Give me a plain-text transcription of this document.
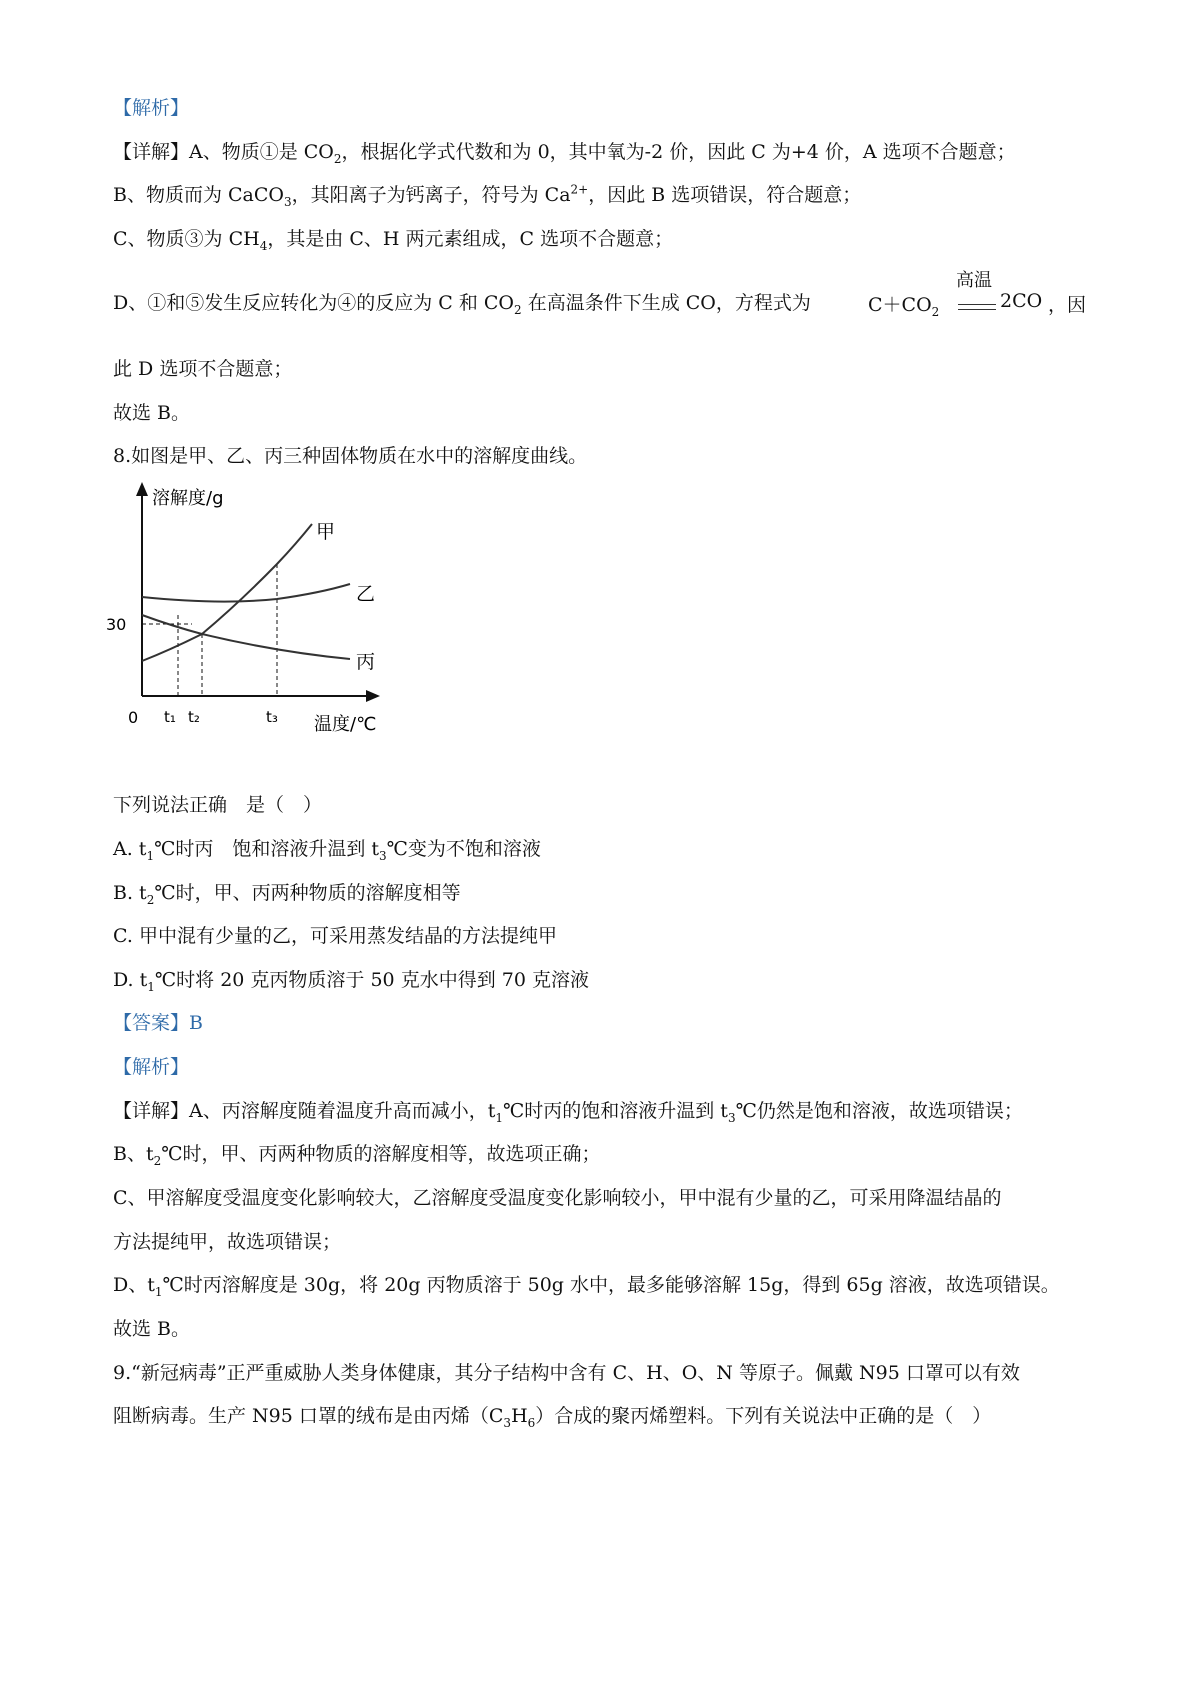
【解析】
【详解】A、物质①是 $CO_2$，根据化学式代数和为 0，其中氧为-2 价，因此 C 为+4 价，A 选项不合题意；
B、物质而为 CaCO$_3$，其阳离子为钙离子，符号为 $Ca^{2+}$，因此 B 选项错误，符合题意；
C、物质③为 $CH_4$，其是由 C、H 两元素组成，C 选项不合题意；
D、①和⑤发生反应转化为④的反应为 C 和 $CO_2$ 在高温条件下生成 CO，方程式为	$C+CO_2$
高温
2CO ，因
此 D 选项不合题意；
故选 B。
8.如图是甲、乙、丙三种固体物质在水中的溶解度曲线。
溶解度/g
温度/℃
0
30
t₁ t₂	t₃
甲
乙
丙
下列说法正确　是（　）
A. $t_1℃$时丙　饱和溶液升温到 $t_3℃$变为不饱和溶液
B. $t_2℃$时，甲、丙两种物质的溶解度相等
C. 甲中混有少量的乙，可采用蒸发结晶的方法提纯甲
D. $t_1℃$时将 20 克丙物质溶于 50 克水中得到 70 克溶液
【答案】B
【解析】
【详解】A、丙溶解度随着温度升高而减小，$t_1℃$时丙的饱和溶液升温到 $t_3℃$仍然是饱和溶液，故选项错误；
B、$t_2℃$时，甲、丙两种物质的溶解度相等，故选项正确；
C、甲溶解度受温度变化影响较大，乙溶解度受温度变化影响较小，甲中混有少量的乙，可采用降温结晶的
方法提纯甲，故选项错误；
D、$t_1℃$时丙溶解度是 30g，将 20g 丙物质溶于 50g 水中，最多能够溶解 15g，得到 65g 溶液，故选项错误。
故选 B。
9.“新冠病毒”正严重威胁人类身体健康，其分子结构中含有 C、H、O、N 等原子。佩戴 N95 口罩可以有效
阻断病毒。生产 N95 口罩的绒布是由丙烯$(C_3H_6)$合成的聚丙烯塑料。下列有关说法中正确的是（　）
